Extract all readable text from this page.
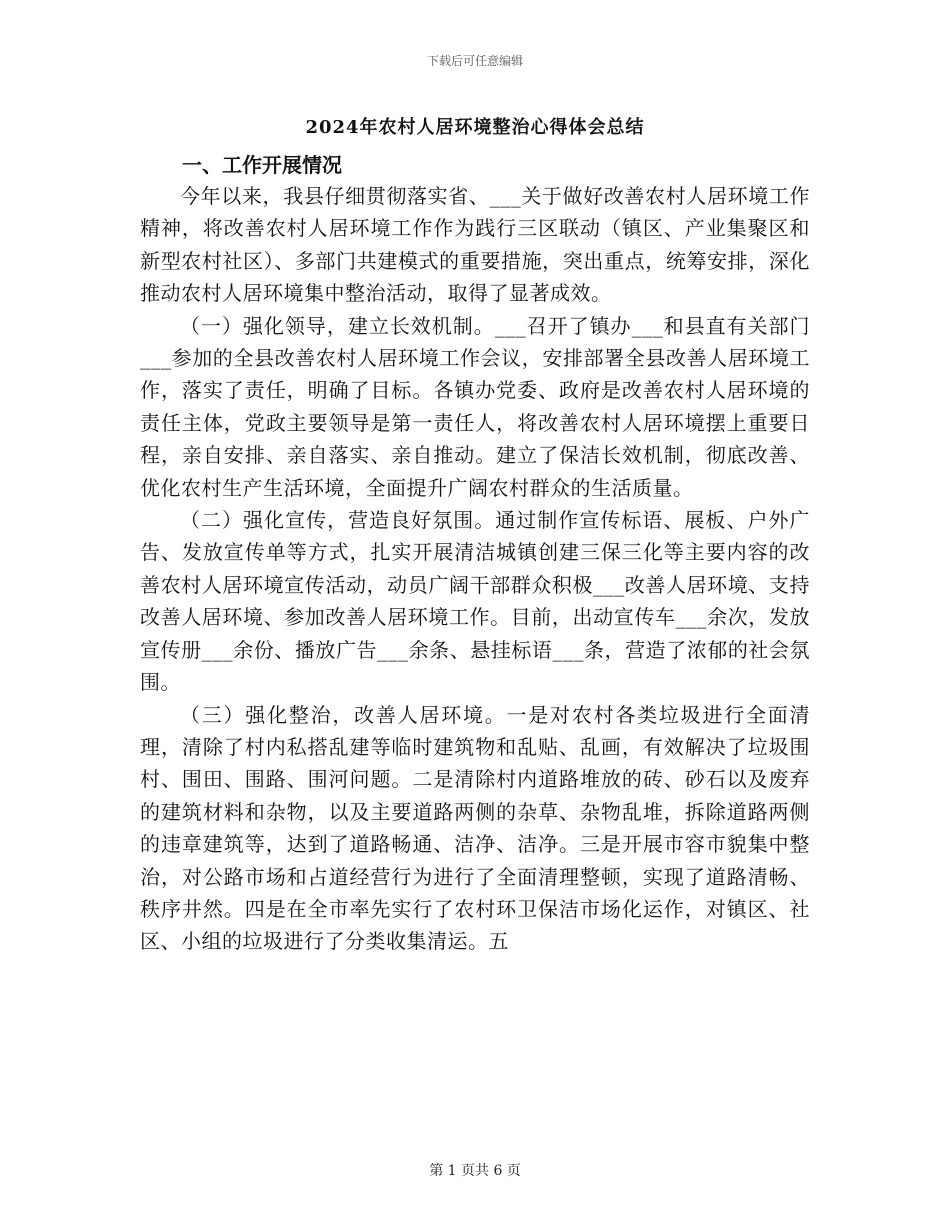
下载后可任意编辑
2024年农村人居环境整治心得体会总结

一、工作开展情况

今年以来，我县仔细贯彻落实省、___关于做好改善农村人居环境工作精神，将改善农村人居环境工作作为践行三区联动（镇区、产业集聚区和新型农村社区）、多部门共建模式的重要措施，突出重点，统筹安排，深化推动农村人居环境集中整治活动，取得了显著成效。

（一）强化领导，建立长效机制。___召开了镇办___和县直有关部门___参加的全县改善农村人居环境工作会议，安排部署全县改善人居环境工作，落实了责任，明确了目标。各镇办党委、政府是改善农村人居环境的责任主体，党政主要领导是第一责任人，将改善农村人居环境摆上重要日程，亲自安排、亲自落实、亲自推动。建立了保洁长效机制，彻底改善、优化农村生产生活环境，全面提升广阔农村群众的生活质量。

（二）强化宣传，营造良好氛围。通过制作宣传标语、展板、户外广告、发放宣传单等方式，扎实开展清洁城镇创建三保三化等主要内容的改善农村人居环境宣传活动，动员广阔干部群众积极___改善人居环境、支持改善人居环境、参加改善人居环境工作。目前，出动宣传车___余次，发放宣传册___余份、播放广告___余条、悬挂标语___条，营造了浓郁的社会氛围。

（三）强化整治，改善人居环境。一是对农村各类垃圾进行全面清理，清除了村内私搭乱建等临时建筑物和乱贴、乱画，有效解决了垃圾围村、围田、围路、围河问题。二是清除村内道路堆放的砖、砂石以及废弃的建筑材料和杂物，以及主要道路两侧的杂草、杂物乱堆，拆除道路两侧的违章建筑等，达到了道路畅通、洁净、洁净。三是开展市容市貌集中整治，对公路市场和占道经营行为进行了全面清理整顿，实现了道路清畅、秩序井然。四是在全市率先实行了农村环卫保洁市场化运作，对镇区、社区、小组的垃圾进行了分类收集清运。五

第 1 页共 6 页
